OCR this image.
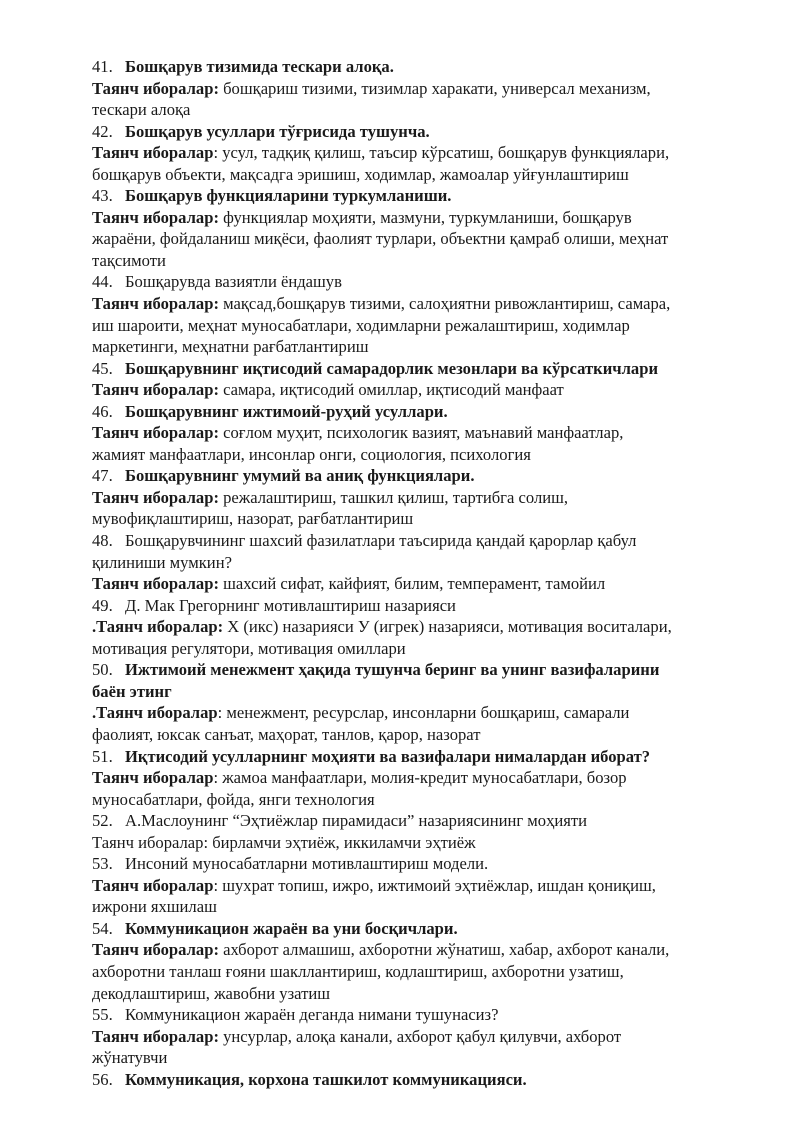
41. Бошқарув тизимида тескари алоқа.
Таянч иборалар: бошқариш тизими, тизимлар харакати, универсал механизм,
тескари алоқа
42. Бошқарув усуллари тўғрисида тушунча.
Таянч иборалар: усул, тадқиқ қилиш, таъсир кўрсатиш, бошқарув функциялари,
бошқарув объекти, мақсадга эришиш, ходимлар, жамоалар уйғунлаштириш
43. Бошқарув функцияларини туркумланиши.
Таянч иборалар: функциялар моҳияти, мазмуни, туркумланиши, бошқарув
жараёни, фойдаланиш миқёси, фаолият турлари, объектни қамраб олиши, меҳнат
тақсимоти
44. Бошқарувда вазиятли ёндашув
Таянч иборалар: мақсад,бошқарув тизими, салоҳиятни ривожлантириш, самара,
иш шароити, меҳнат муносабатлари, ходимларни режалаштириш, ходимлар
маркетинги, меҳнатни рағбатлантириш
45. Бошқарувнинг иқтисодий самарадорлик мезонлари ва кўрсаткичлари
Таянч иборалар: самара, иқтисодий омиллар, иқтисодий манфаат
46. Бошқарувнинг ижтимоий-руҳий усуллари.
Таянч иборалар: соғлом муҳит, психологик вазият, маънавий манфаатлар,
жамият манфаатлари, инсонлар онги, социология, психология
47. Бошқарувнинг умумий ва аниқ функциялари.
Таянч иборалар: режалаштириш, ташкил қилиш, тартибга солиш,
мувофиқлаштириш, назорат, рағбатлантириш
48. Бошқарувчининг шахсий фазилатлари таъсирида қандай қарорлар қабул
қилиниши мумкин?
Таянч иборалар: шахсий сифат, кайфият, билим, темперамент, тамойил
49. Д. Мак Грегорнинг мотивлаштириш назарияси
.Таянч иборалар: Х (икс) назарияси У (игрек) назарияси, мотивация воситалари,
мотивация регулятори, мотивация омиллари
50. Ижтимоий менежмент ҳақида тушунча беринг ва унинг вазифаларини
баён этинг
.Таянч иборалар: менежмент, ресурслар, инсонларни бошқариш, самарали
фаолият, юксак санъат, маҳорат, танлов, қарор, назорат
51. Иқтисодий усулларнинг моҳияти ва вазифалари нималардан иборат?
Таянч иборалар: жамоа манфаатлари, молия-кредит муносабатлари, бозор
муносабатлари, фойда, янги технология
52. А.Маслоунинг “Эҳтиёжлар пирамидаси” назариясининг моҳияти
Таянч иборалар: бирламчи эҳтиёж, иккиламчи эҳтиёж
53. Инсоний муносабатларни мотивлаштириш модели.
Таянч иборалар: шухрат топиш, ижро, ижтимоий эҳтиёжлар, ишдан қониқиш,
ижрони яхшилаш
54. Коммуникацион жараён ва уни босқичлари.
Таянч иборалар: ахборот алмашиш, ахборотни жўнатиш, хабар, ахборот канали,
ахборотни танлаш ғояни шакллантириш, кодлаштириш, ахборотни узатиш,
декодлаштириш, жавобни узатиш
55. Коммуникацион жараён деганда нимани тушунасиз?
Таянч иборалар: унсурлар, алоқа канали, ахборот қабул қилувчи, ахборот
жўнатувчи
56. Коммуникация, корхона ташкилот коммуникацияси.
